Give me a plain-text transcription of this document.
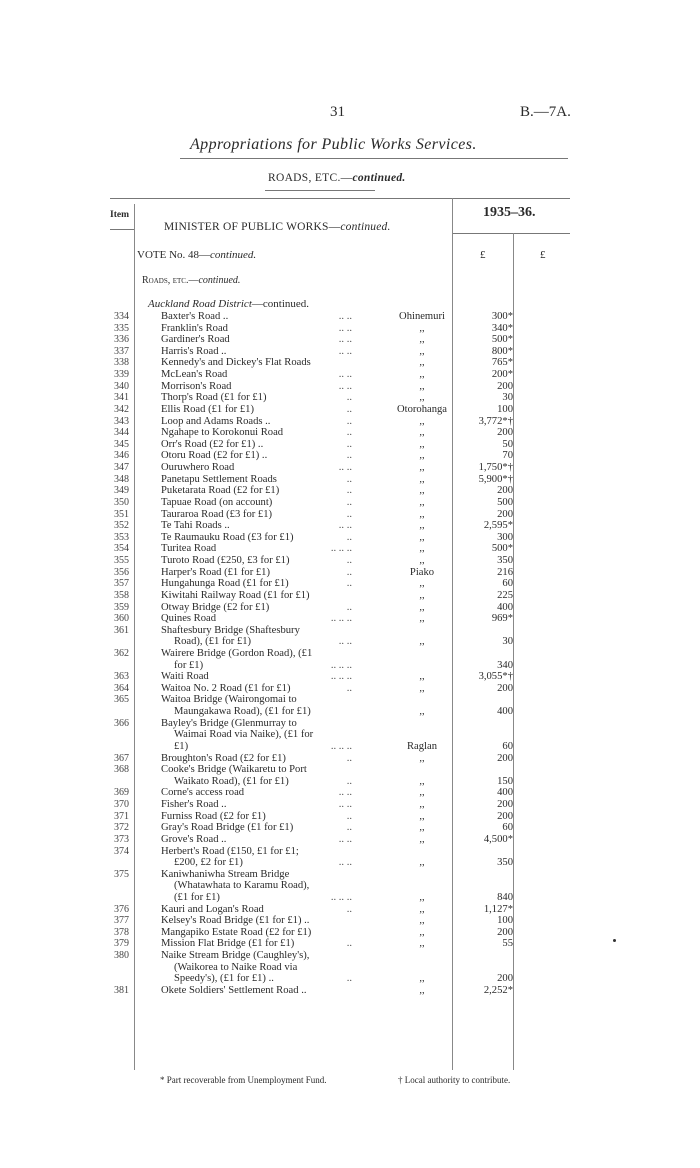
31	B.—7A.
Appropriations for Public Works Services.
ROADS, ETC.—continued.
Item	1935–36.
MINISTER OF PUBLIC WORKS—continued.
VOTE No. 48—continued.	£	£
Roads, etc.—continued.
Auckland Road District—continued.
334	Baxter's Road ..	.. ..	Ohinemuri	300*
335	Franklin's Road	.. ..	,,	340*
336	Gardiner's Road	.. ..	,,	500*
337	Harris's Road ..	.. ..	,,	800*
338	Kennedy's and Dickey's Flat Roads	,,	765*
339	McLean's Road	.. ..	,,	200*
340	Morrison's Road	.. ..	,,	200
341	Thorp's Road (£1 for £1)	..	,,	30
342	Ellis Road (£1 for £1)	..	Otorohanga	100
343	Loop and Adams Roads ..	..	,,	3,772*†
344	Ngahape to Korokonui Road	..	,,	200
345	Orr's Road (£2 for £1) ..	..	,,	50
346	Otoru Road (£2 for £1) ..	..	,,	70
347	Ouruwhero Road	.. ..	,,	1,750*†
348	Panetapu Settlement Roads	..	,,	5,900*†
349	Puketarata Road (£2 for £1)	..	,,	200
350	Tapuae Road (on account)	..	,,	500
351	Tauraroa Road (£3 for £1)	..	,,	200
352	Te Tahi Roads ..	.. ..	,,	2,595*
353	Te Raumauku Road (£3 for £1)	..	,,	300
354	Turitea Road	.. .. ..	,,	500*
355	Turoto Road (£250, £3 for £1)	..	,,	350
356	Harper's Road (£1 for £1)	..	Piako	216
357	Hungahunga Road (£1 for £1)	..	,,	60
358	Kiwitahi Railway Road (£1 for £1)	,,	225
359	Otway Bridge (£2 for £1)	..	,,	400
360	Quines Road	.. .. ..	,,	969*
361	Shaftesbury Bridge (Shaftesbury
Road), (£1 for £1)	.. ..	,,	30
362	Wairere Bridge (Gordon Road), (£1
for £1)	.. .. ..	340
363	Waiti Road	.. .. ..	,,	3,055*†
364	Waitoa No. 2 Road (£1 for £1)	..	,,	200
365	Waitoa Bridge (Wairongomai to
Maungakawa Road), (£1 for £1)	,,	400
366	Bayley's Bridge (Glenmurray to
Waimai Road via Naike), (£1 for
£1)	.. .. ..	Raglan	60
367	Broughton's Road (£2 for £1)	..	,,	200
368	Cooke's Bridge (Waikaretu to Port
Waikato Road), (£1 for £1)	..	,,	150
369	Corne's access road	.. ..	,,	400
370	Fisher's Road ..	.. ..	,,	200
371	Furniss Road (£2 for £1)	..	,,	200
372	Gray's Road Bridge (£1 for £1)	..	,,	60
373	Grove's Road ..	.. ..	,,	4,500*
374	Herbert's Road (£150, £1 for £1;
£200, £2 for £1)	.. ..	,,	350
375	Kaniwhaniwha Stream Bridge
(Whatawhata to Karamu Road),
(£1 for £1)	.. .. ..	,,	840
376	Kauri and Logan's Road	..	,,	1,127*
377	Kelsey's Road Bridge (£1 for £1) ..	,,	100
378	Mangapiko Estate Road (£2 for £1)	,,	200
379	Mission Flat Bridge (£1 for £1)	..	,,	55
380	Naike Stream Bridge (Caughley's),
(Waikorea to Naike Road via
Speedy's), (£1 for £1) ..	..	,,	200
381	Okete Soldiers' Settlement Road ..	,,	2,252*
* Part recoverable from Unemployment Fund.	† Local authority to contribute.
